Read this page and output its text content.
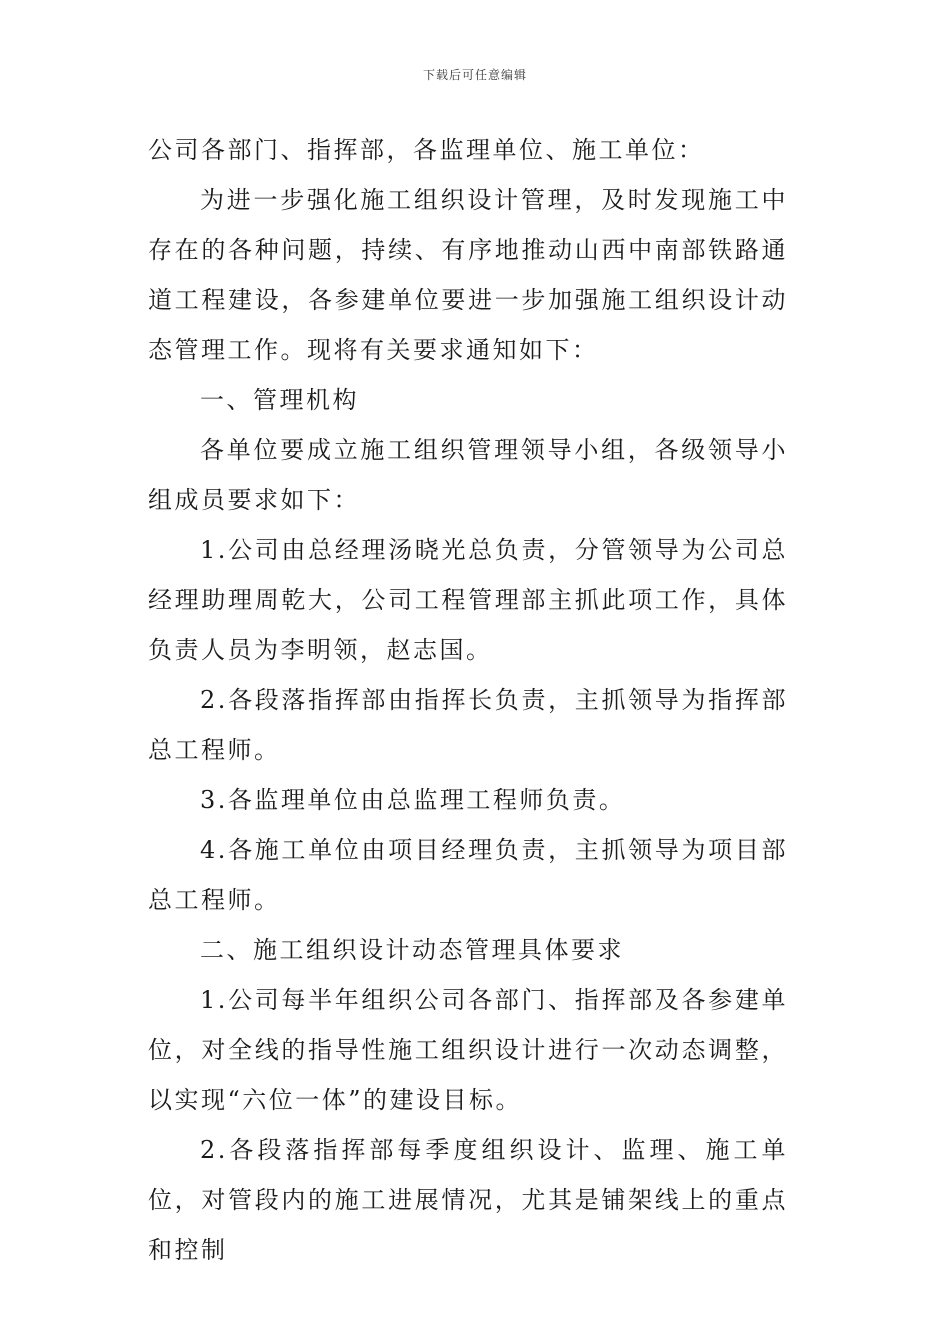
下载后可任意编辑

公司各部门、指挥部，各监理单位、施工单位：

为进一步强化施工组织设计管理，及时发现施工中存在的各种问题，持续、有序地推动山西中南部铁路通道工程建设，各参建单位要进一步加强施工组织设计动态管理工作。现将有关要求通知如下：

一、管理机构

各单位要成立施工组织管理领导小组，各级领导小组成员要求如下：

1.公司由总经理汤晓光总负责，分管领导为公司总经理助理周乾大，公司工程管理部主抓此项工作，具体负责人员为李明领，赵志国。

2.各段落指挥部由指挥长负责，主抓领导为指挥部总工程师。

3.各监理单位由总监理工程师负责。

4.各施工单位由项目经理负责，主抓领导为项目部总工程师。

二、施工组织设计动态管理具体要求

1.公司每半年组织公司各部门、指挥部及各参建单位，对全线的指导性施工组织设计进行一次动态调整，以实现“六位一体”的建设目标。

2.各段落指挥部每季度组织设计、监理、施工单位，对管段内的施工进展情况，尤其是铺架线上的重点和控制
